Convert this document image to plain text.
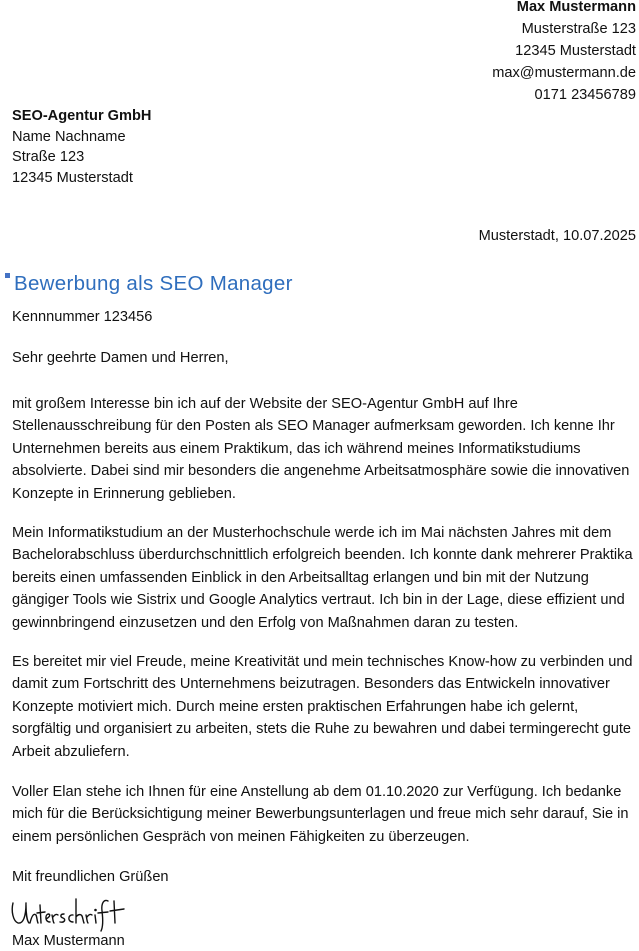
Max Mustermann
Musterstraße 123
12345 Musterstadt
max@mustermann.de
0171 23456789
SEO-Agentur GmbH
Name Nachname
Straße 123
12345 Musterstadt
Musterstadt, 10.07.2025
Bewerbung als SEO Manager
Kennnummer 123456
Sehr geehrte Damen und Herren,

mit großem Interesse bin ich auf der Website der SEO-Agentur GmbH auf Ihre Stellenausschreibung für den Posten als SEO Manager aufmerksam geworden. Ich kenne Ihr Unternehmen bereits aus einem Praktikum, das ich während meines Informatikstudiums absolvierte. Dabei sind mir besonders die angenehme Arbeitsatmosphäre sowie die innovativen Konzepte in Erinnerung geblieben.

Mein Informatikstudium an der Musterhochschule werde ich im Mai nächsten Jahres mit dem Bachelorabschluss überdurchschnittlich erfolgreich beenden. Ich konnte dank mehrerer Praktika bereits einen umfassenden Einblick in den Arbeitsalltag erlangen und bin mit der Nutzung gängiger Tools wie Sistrix und Google Analytics vertraut. Ich bin in der Lage, diese effizient und gewinnbringend einzusetzen und den Erfolg von Maßnahmen daran zu testen.

Es bereitet mir viel Freude, meine Kreativität und mein technisches Know-how zu verbinden und damit zum Fortschritt des Unternehmens beizutragen. Besonders das Entwickeln innovativer Konzepte motiviert mich. Durch meine ersten praktischen Erfahrungen habe ich gelernt, sorgfältig und organisiert zu arbeiten, stets die Ruhe zu bewahren und dabei termingerecht gute Arbeit abzuliefern.

Voller Elan stehe ich Ihnen für eine Anstellung ab dem 01.10.2020 zur Verfügung. Ich bedanke mich für die Berücksichtigung meiner Bewerbungsunterlagen und freue mich sehr darauf, Sie in einem persönlichen Gespräch von meinen Fähigkeiten zu überzeugen.

Mit freundlichen Grüßen
Max Mustermann
